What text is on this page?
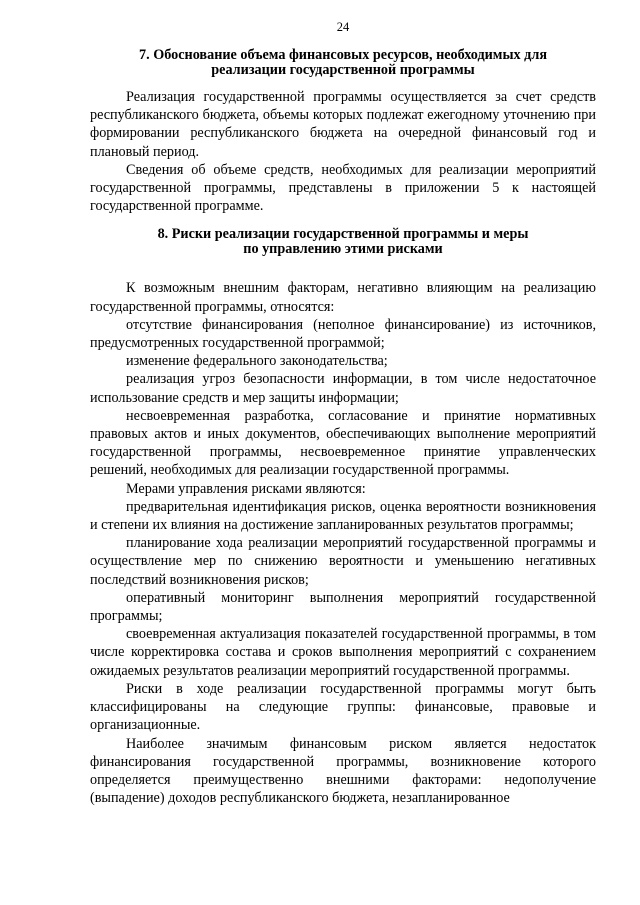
24
7. Обоснование объема финансовых ресурсов, необходимых для
реализации государственной программы

Реализация государственной программы осуществляется за счет средств республиканского бюджета, объемы которых подлежат ежегодному уточнению при формировании республиканского бюджета на очередной финансовый год и плановый период.

Сведения об объеме средств, необходимых для реализации мероприятий государственной программы, представлены в приложении 5 к настоящей государственной программе.

8. Риски реализации государственной программы и меры
по управлению этими рисками

К возможным внешним факторам, негативно влияющим на реализацию государственной программы, относятся:

отсутствие финансирования (неполное финансирование) из источников, предусмотренных государственной программой;

изменение федерального законодательства;

реализация угроз безопасности информации, в том числе недостаточное использование средств и мер защиты информации;

несвоевременная разработка, согласование и принятие нормативных правовых актов и иных документов, обеспечивающих выполнение мероприятий государственной программы, несвоевременное принятие управленческих решений, необходимых для реализации государственной программы.

Мерами управления рисками являются:

предварительная идентификация рисков, оценка вероятности возникновения и степени их влияния на достижение запланированных результатов программы;

планирование хода реализации мероприятий государственной программы и осуществление мер по снижению вероятности и уменьшению негативных последствий возникновения рисков;

оперативный мониторинг выполнения мероприятий государственной программы;

своевременная актуализация показателей государственной программы, в том числе корректировка состава и сроков выполнения мероприятий с сохранением ожидаемых результатов реализации мероприятий государственной программы.

Риски в ходе реализации государственной программы могут быть классифицированы на следующие группы: финансовые, правовые и организационные.

Наиболее значимым финансовым риском является недостаток финансирования государственной программы, возникновение которого определяется преимущественно внешними факторами: недополучение (выпадение) доходов республиканского бюджета, незапланированное
